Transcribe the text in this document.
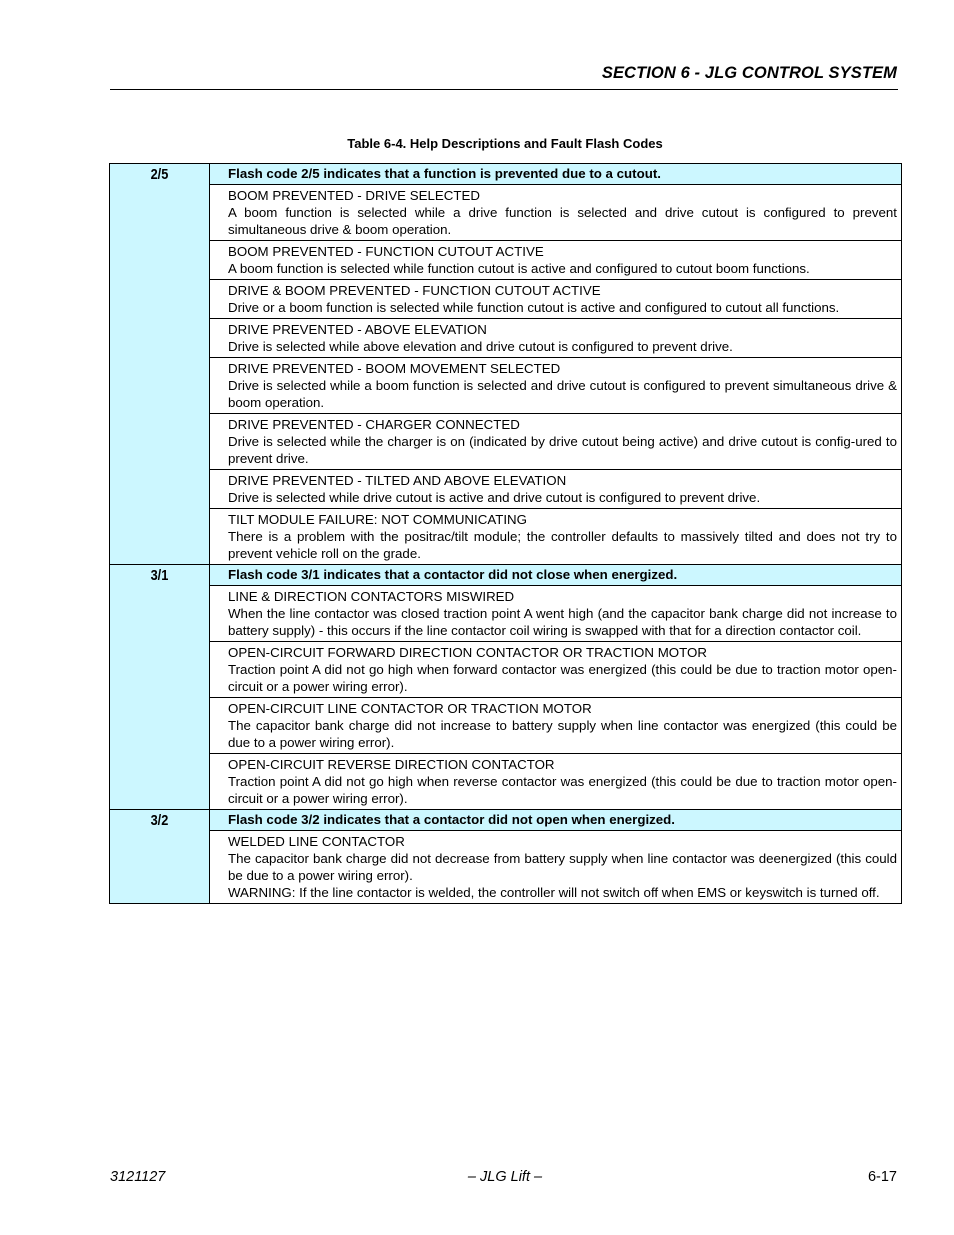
SECTION 6 - JLG CONTROL SYSTEM
Table 6-4. Help Descriptions and Fault Flash Codes
2/5	Flash code 2/5 indicates that a function is prevented due to a cutout.

	BOOM PREVENTED - DRIVE SELECTED
A boom function is selected while a drive function is selected and drive cutout is configured to prevent simultaneous drive & boom operation.

	BOOM PREVENTED - FUNCTION CUTOUT ACTIVE
A boom function is selected while function cutout is active and configured to cutout boom functions.

	DRIVE & BOOM PREVENTED - FUNCTION CUTOUT ACTIVE
Drive or a boom function is selected while function cutout is active and configured to cutout all functions.

	DRIVE PREVENTED - ABOVE ELEVATION
Drive is selected while above elevation and drive cutout is configured to prevent drive.

	DRIVE PREVENTED - BOOM MOVEMENT SELECTED
Drive is selected while a boom function is selected and drive cutout is configured to prevent simultaneous drive & boom operation.

	DRIVE PREVENTED - CHARGER CONNECTED
Drive is selected while the charger is on (indicated by drive cutout being active) and drive cutout is config-ured to prevent drive.

	DRIVE PREVENTED - TILTED AND ABOVE ELEVATION
Drive is selected while drive cutout is active and drive cutout is configured to prevent drive.

	TILT MODULE FAILURE: NOT COMMUNICATING
There is a problem with the positrac/tilt module; the controller defaults to massively tilted and does not try to prevent vehicle roll on the grade.

3/1	Flash code 3/1 indicates that a contactor did not close when energized.

	LINE & DIRECTION CONTACTORS MISWIRED
When the line contactor was closed traction point A went high (and the capacitor bank charge did not increase to battery supply) - this occurs if the line contactor coil wiring is swapped with that for a direction contactor coil.

	OPEN-CIRCUIT FORWARD DIRECTION CONTACTOR OR TRACTION MOTOR
Traction point A did not go high when forward contactor was energized (this could be due to traction motor open-circuit or a power wiring error).

	OPEN-CIRCUIT LINE CONTACTOR OR TRACTION MOTOR
The capacitor bank charge did not increase to battery supply when line contactor was energized (this could be due to a power wiring error).

	OPEN-CIRCUIT REVERSE DIRECTION CONTACTOR
Traction point A did not go high when reverse contactor was energized (this could be due to traction motor open-circuit or a power wiring error).

3/2	Flash code 3/2 indicates that a contactor did not open when energized.

	WELDED LINE CONTACTOR
The capacitor bank charge did not decrease from battery supply when line contactor was deenergized (this could be due to a power wiring error).
WARNING: If the line contactor is welded, the controller will not switch off when EMS or keyswitch is turned off.
3121127	– JLG Lift –	6-17
